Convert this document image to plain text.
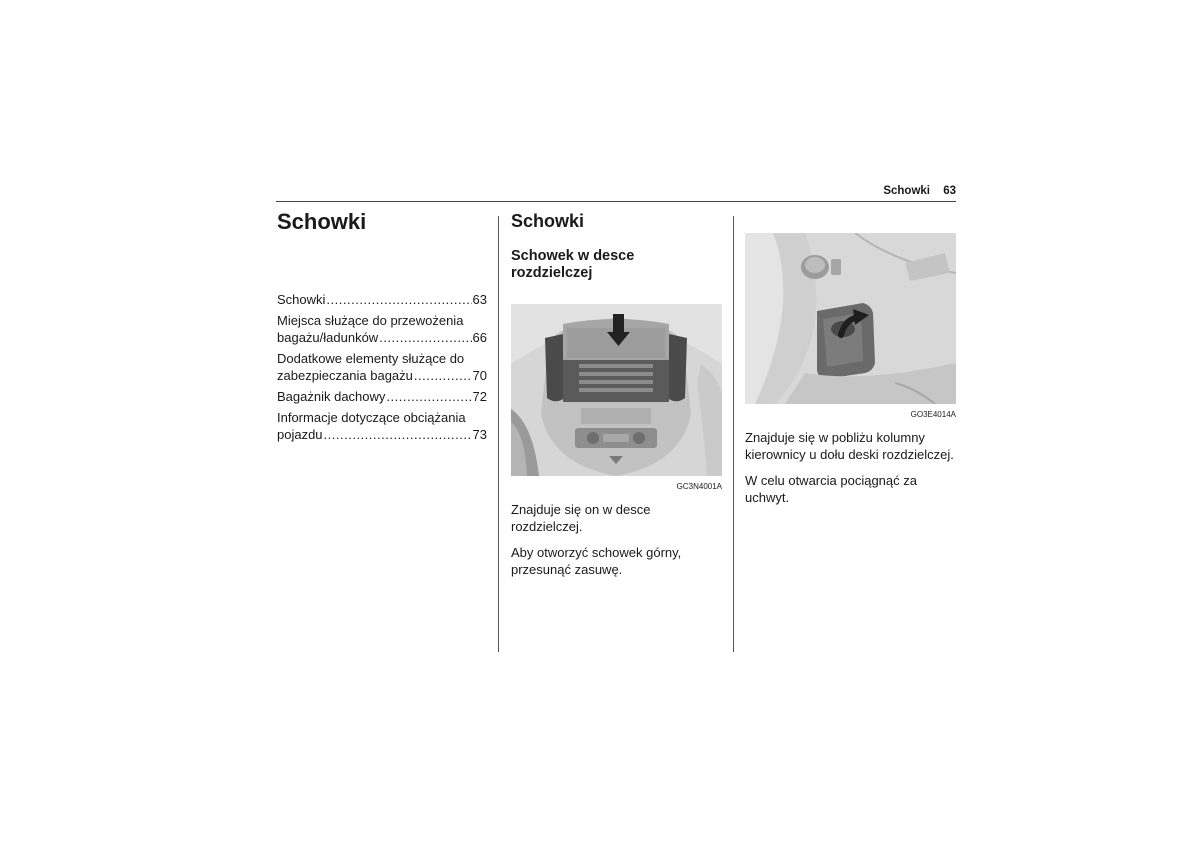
Schowki 63
Schowki
Schowki .....	63
Miejsca służące do przewożenia
bagażu/ładunków .....	66
Dodatkowe elementy służące do
zabezpieczania bagażu .....	70
Bagażnik dachowy .....	72
Informacje dotyczące obciążania
pojazdu .....	73
Schowki
Schowek w desce rozdzielczej
GC3N4001A
Znajduje się on w desce rozdzielczej.
Aby otworzyć schowek górny, przesunąć zasuwę.
GO3E4014A
Znajduje się w pobliżu kolumny kierownicy u dołu deski rozdzielczej.
W celu otwarcia pociągnąć za uchwyt.
